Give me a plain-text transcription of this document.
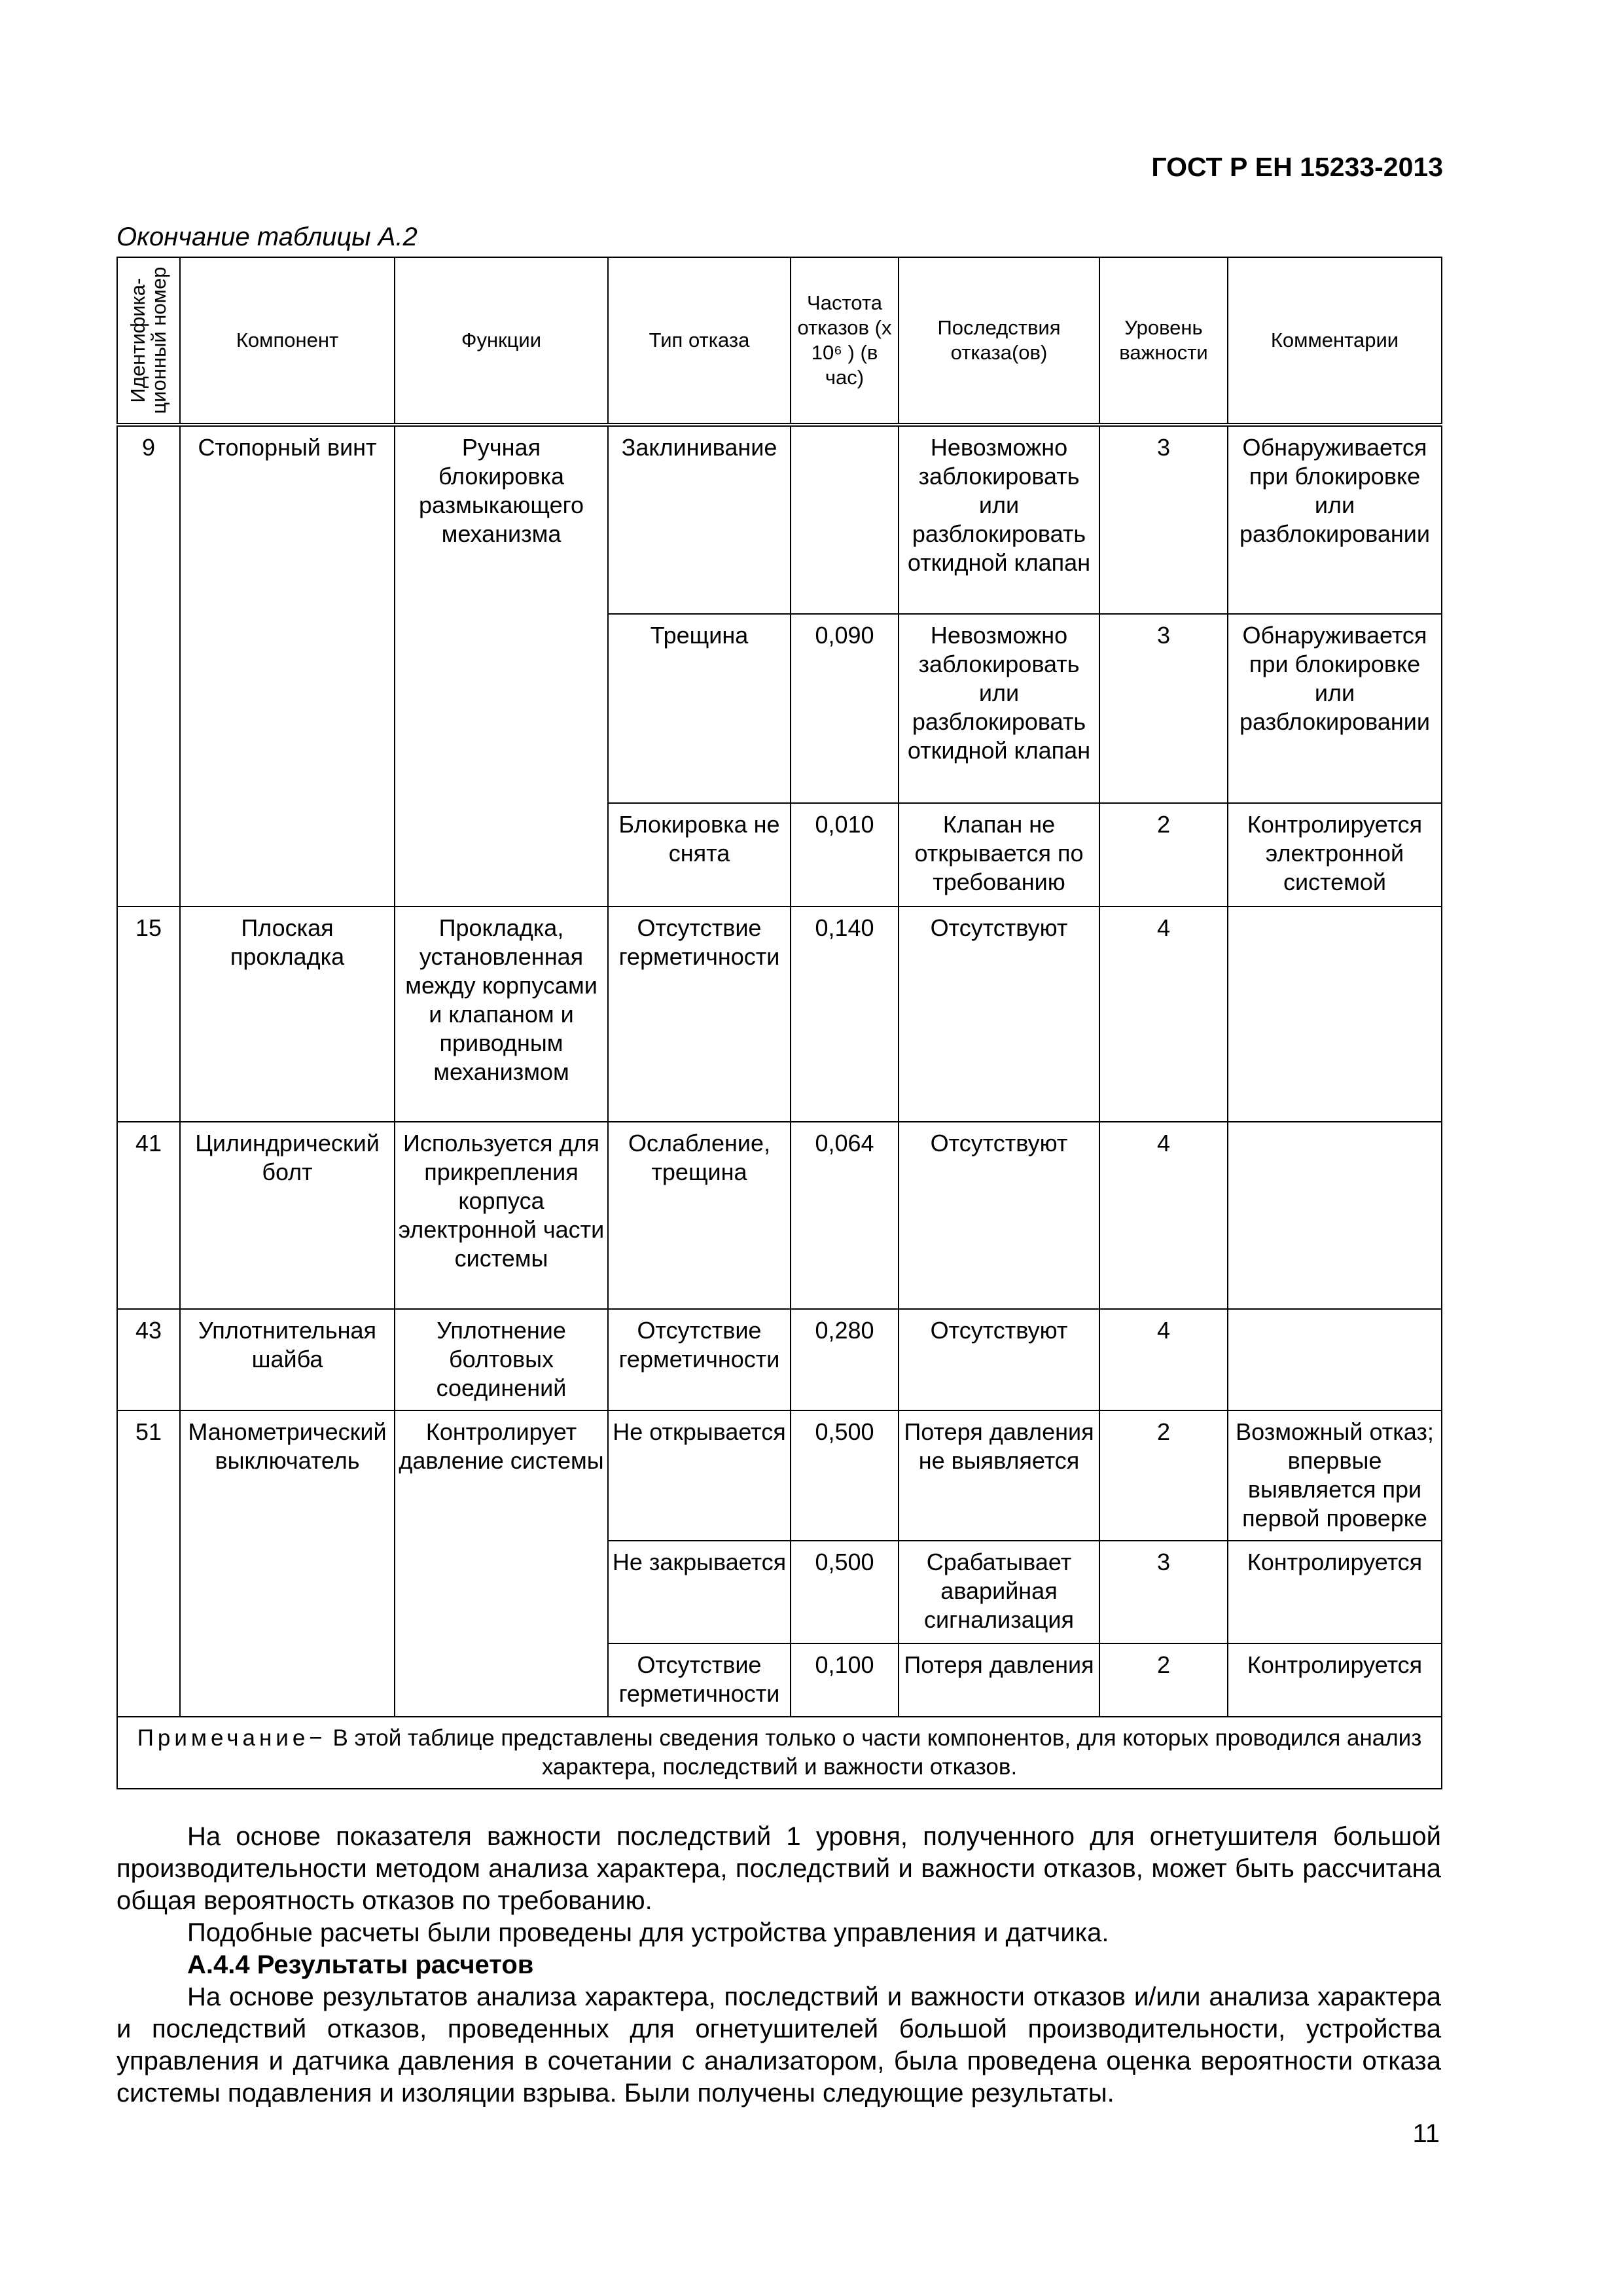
ГОСТ Р ЕН 15233-2013
Окончание таблицы А.2
Идентифика-ционный номер	Компонент	Функции	Тип отказа	Частота отказов (х 10⁶ ) (в час)	Последствия отказа(ов)	Уровень важности	Комментарии
9	Стопорный винт	Ручная блокировка размыкающего механизма	Заклинивание		Невозможно заблокировать или разблокировать откидной клапан	3	Обнаруживается при блокировке или разблокировании
			Трещина	0,090	Невозможно заблокировать или разблокировать откидной клапан	3	Обнаруживается при блокировке или разблокировании
			Блокировка не снята	0,010	Клапан не открывается по требованию	2	Контролируется электронной системой
15	Плоская прокладка	Прокладка, установленная между корпусами и клапаном и приводным механизмом	Отсутствие герметичности	0,140	Отсутствуют	4	
41	Цилиндрический болт	Используется для прикрепления корпуса электронной части системы	Ослабление, трещина	0,064	Отсутствуют	4	
43	Уплотнительная шайба	Уплотнение болтовых соединений	Отсутствие герметичности	0,280	Отсутствуют	4	
51	Манометрический выключатель	Контролирует давление системы	Не открывается	0,500	Потеря давления не выявляется	2	Возможный отказ; впервые выявляется при первой проверке
			Не закрывается	0,500	Срабатывает аварийная сигнализация	3	Контролируется
			Отсутствие герметичности	0,100	Потеря давления	2	Контролируется
Примечание− В этой таблице представлены сведения только о части компонентов, для которых проводился анализ характера, последствий и важности отказов.							

На основе показателя важности последствий 1 уровня, полученного для огнетушителя большой производительности методом анализа характера, последствий и важности отказов, может быть рассчитана общая вероятность отказов по требованию.

Подобные расчеты были проведены для устройства управления и датчика.

А.4.4 Результаты расчетов

На основе результатов анализа характера, последствий и важности отказов и/или анализа характера и последствий отказов, проведенных для огнетушителей большой производительности, устройства управления и датчика давления в сочетании с анализатором, была проведена оценка вероятности отказа системы подавления и изоляции взрыва. Были получены следующие результаты.

11
